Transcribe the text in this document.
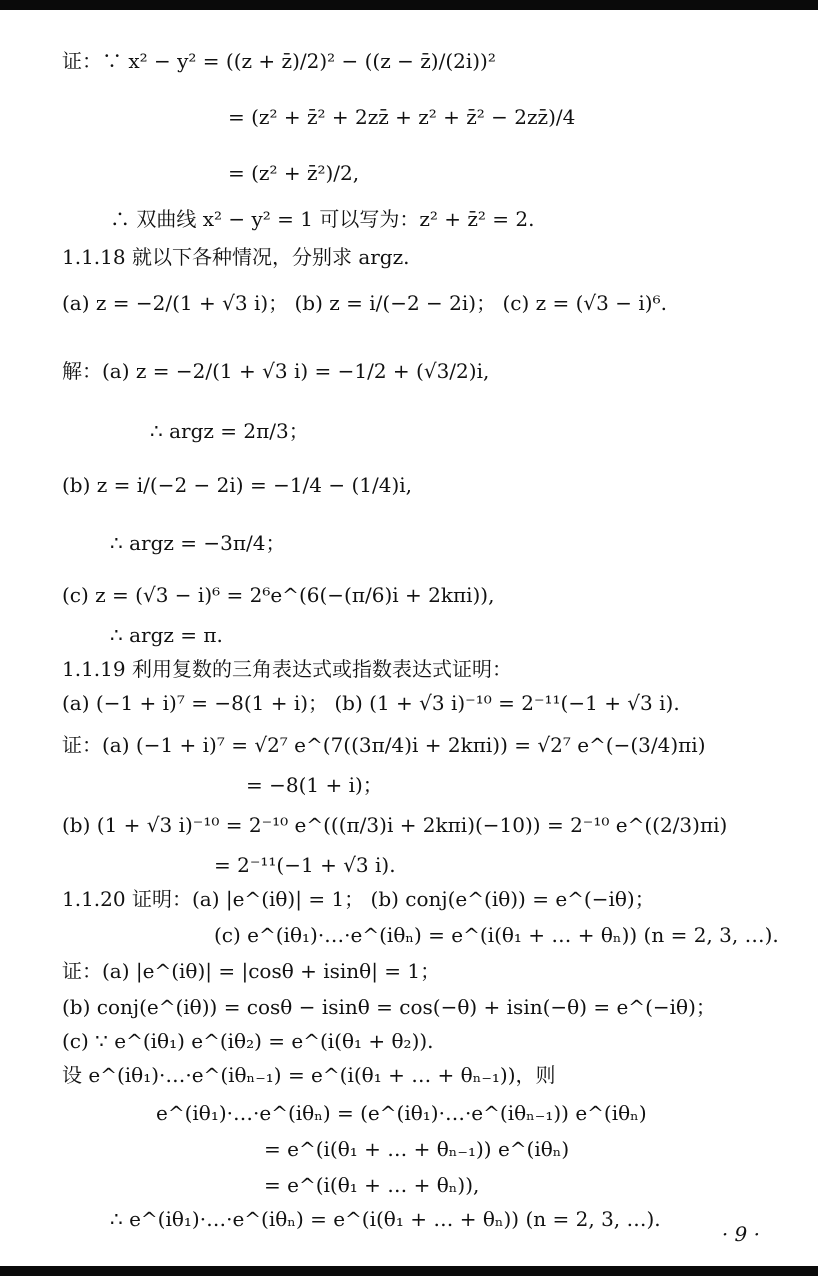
证：∵ x² − y² = ((z + z̄)/2)² − ((z − z̄)/(2i))²
= (z² + z̄² + 2zz̄ + z² + z̄² − 2zz̄)/4
= (z² + z̄²)/2,
∴ 双曲线 x² − y² = 1 可以写为：z² + z̄² = 2.
1.1.18 就以下各种情况，分别求 argz.
(a) z = −2/(1 + √3 i)； (b) z = i/(−2 − 2i)； (c) z = (√3 − i)⁶.
解：(a) z = −2/(1 + √3 i) = −1/2 + (√3/2)i,
∴ argz = 2π/3；
(b) z = i/(−2 − 2i) = −1/4 − (1/4)i,
∴ argz = −3π/4；
(c) z = (√3 − i)⁶ = 2⁶e^(6(−(π/6)i + 2kπi)),
∴ argz = π.
1.1.19 利用复数的三角表达式或指数表达式证明：
(a) (−1 + i)⁷ = −8(1 + i)； (b) (1 + √3 i)⁻¹⁰ = 2⁻¹¹(−1 + √3 i).
证：(a) (−1 + i)⁷ = √2⁷ e^(7((3π/4)i + 2kπi)) = √2⁷ e^(−(3/4)πi)
= −8(1 + i)；
(b) (1 + √3 i)⁻¹⁰ = 2⁻¹⁰ e^(((π/3)i + 2kπi)(−10)) = 2⁻¹⁰ e^((2/3)πi)
= 2⁻¹¹(−1 + √3 i).
1.1.20 证明：(a) |e^(iθ)| = 1； (b) conj(e^(iθ)) = e^(−iθ)；
(c) e^(iθ₁)·…·e^(iθₙ) = e^(i(θ₁ + … + θₙ)) (n = 2, 3, …).
证：(a) |e^(iθ)| = |cosθ + isinθ| = 1；
(b) conj(e^(iθ)) = cosθ − isinθ = cos(−θ) + isin(−θ) = e^(−iθ)；
(c) ∵ e^(iθ₁) e^(iθ₂) = e^(i(θ₁ + θ₂)).
设 e^(iθ₁)·…·e^(iθₙ₋₁) = e^(i(θ₁ + … + θₙ₋₁))，则
e^(iθ₁)·…·e^(iθₙ) = (e^(iθ₁)·…·e^(iθₙ₋₁)) e^(iθₙ)
= e^(i(θ₁ + … + θₙ₋₁)) e^(iθₙ)
= e^(i(θ₁ + … + θₙ)),
∴ e^(iθ₁)·…·e^(iθₙ) = e^(i(θ₁ + … + θₙ)) (n = 2, 3, …).
· 9 ·
